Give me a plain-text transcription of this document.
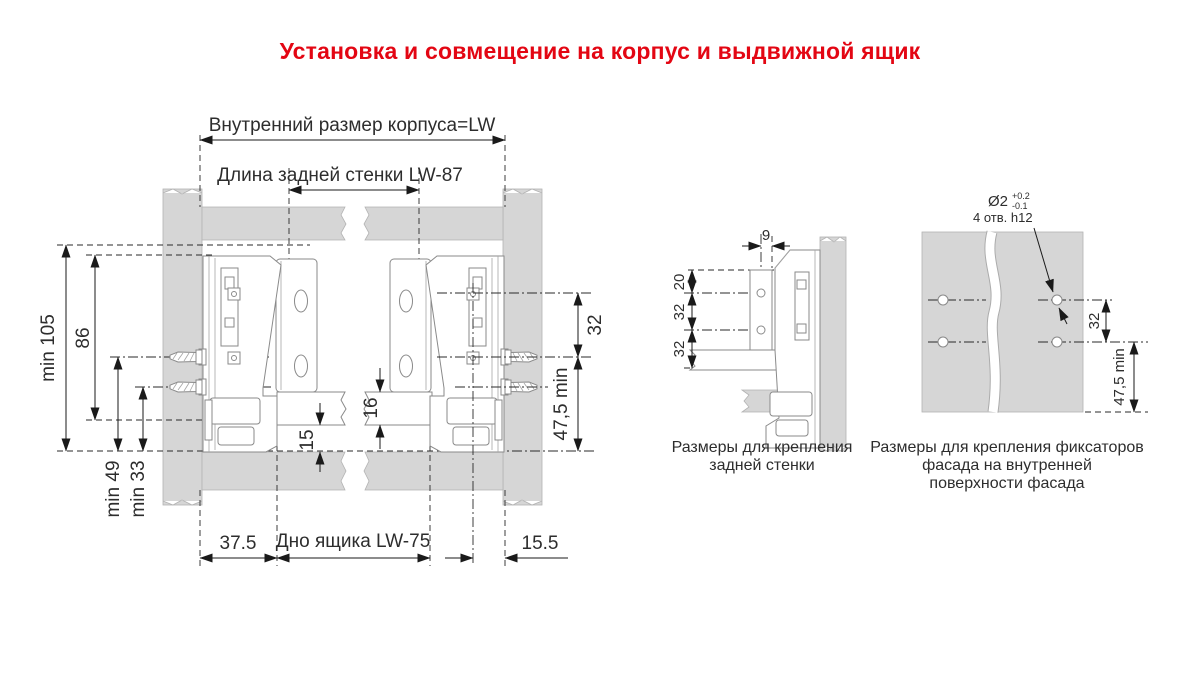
Установка и совмещение на корпус и выдвижной ящик
Внутренний размер корпуса=LW
Длина задней стенки LW-87
min 105 86
min 49 min 33
15
16
32
47,5 min
37.5 Дно ящика LW-75	15.5
9
20
32
32
Размеры для крепления
задней стенки
Ø2 +0.2
-0.1
4 отв. h12
32
47,5 min
Размеры для крепления фиксаторов
фасада на внутренней
поверхности фасада
